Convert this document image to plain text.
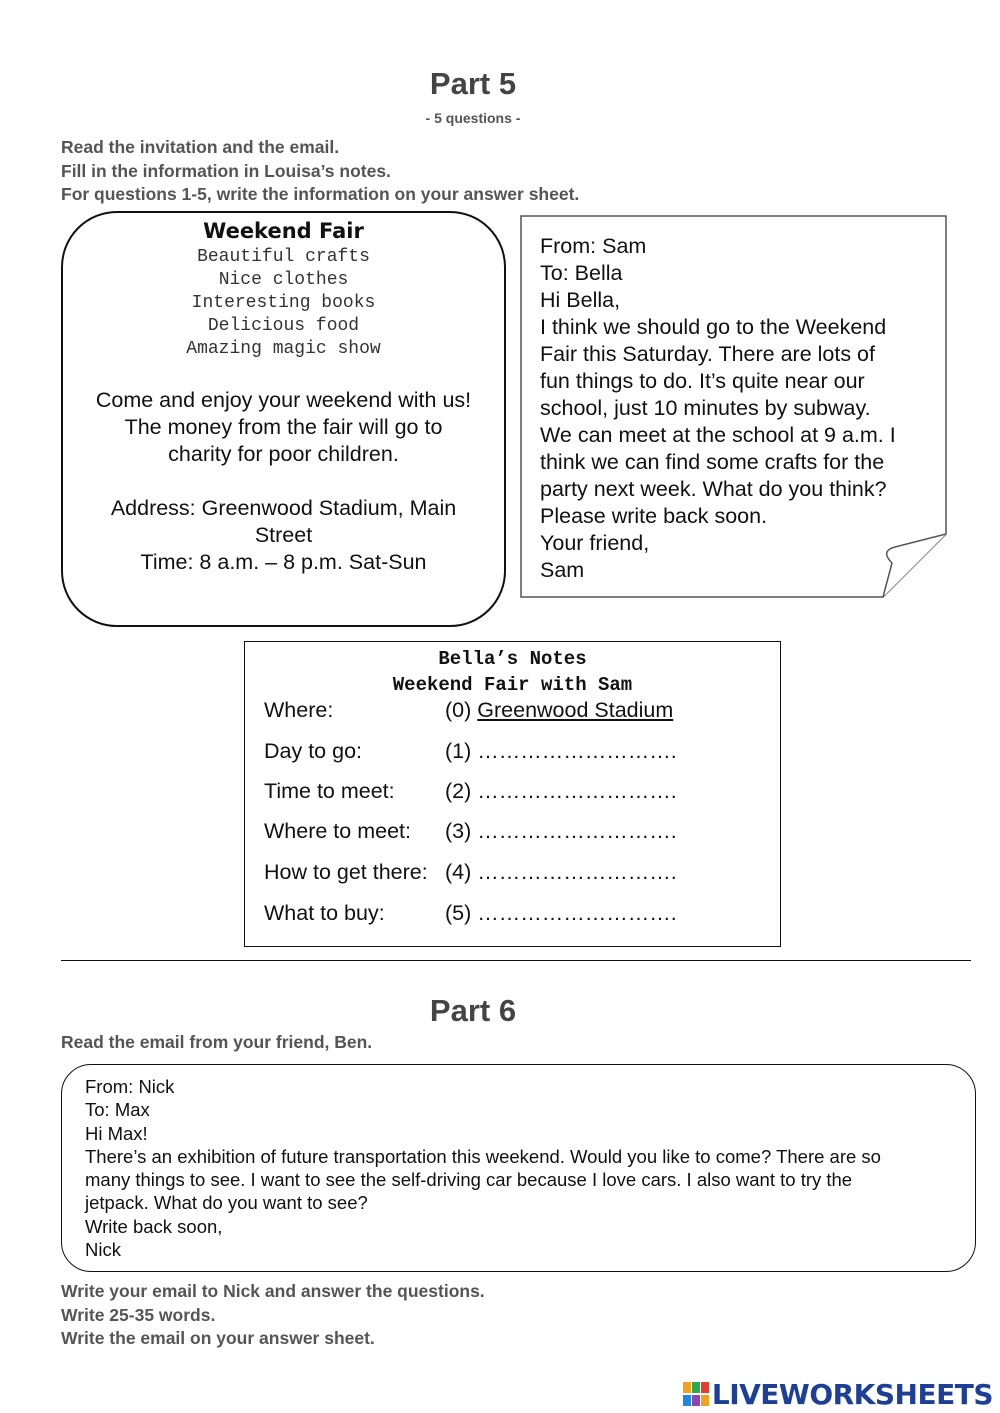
Part 5
- 5 questions -
Read the invitation and the email.
Fill in the information in Louisa’s notes.
For questions 1-5, write the information on your answer sheet.
Weekend Fair
Beautiful crafts
Nice clothes
Interesting books
Delicious food
Amazing magic show
Come and enjoy your weekend with us!
The money from the fair will go to
charity for poor children.
Address: Greenwood Stadium, Main
Street
Time: 8 a.m. – 8 p.m. Sat-Sun
From: Sam
To: Bella
Hi Bella,
I think we should go to the Weekend
Fair this Saturday. There are lots of
fun things to do. It’s quite near our
school, just 10 minutes by subway.
We can meet at the school at 9 a.m. I
think we can find some crafts for the
party next week. What do you think?
Please write back soon.
Your friend,
Sam
Bella’s Notes
Weekend Fair with Sam
Where:	(0) Greenwood Stadium
Day to go:	(1) ……………………….
Time to meet: (2) ……………………….
Where to meet: (3) ……………………….
How to get there: (4) ……………………….
What to buy:	(5) ……………………….
Part 6
Read the email from your friend, Ben.
From: Nick
To: Max
Hi Max!
There’s an exhibition of future transportation this weekend. Would you like to come? There are so
many things to see. I want to see the self-driving car because I love cars. I also want to try the
jetpack. What do you want to see?
Write back soon,
Nick
Write your email to Nick and answer the questions.
Write 25-35 words.
Write the email on your answer sheet.
LIVEWORKSHEETS
